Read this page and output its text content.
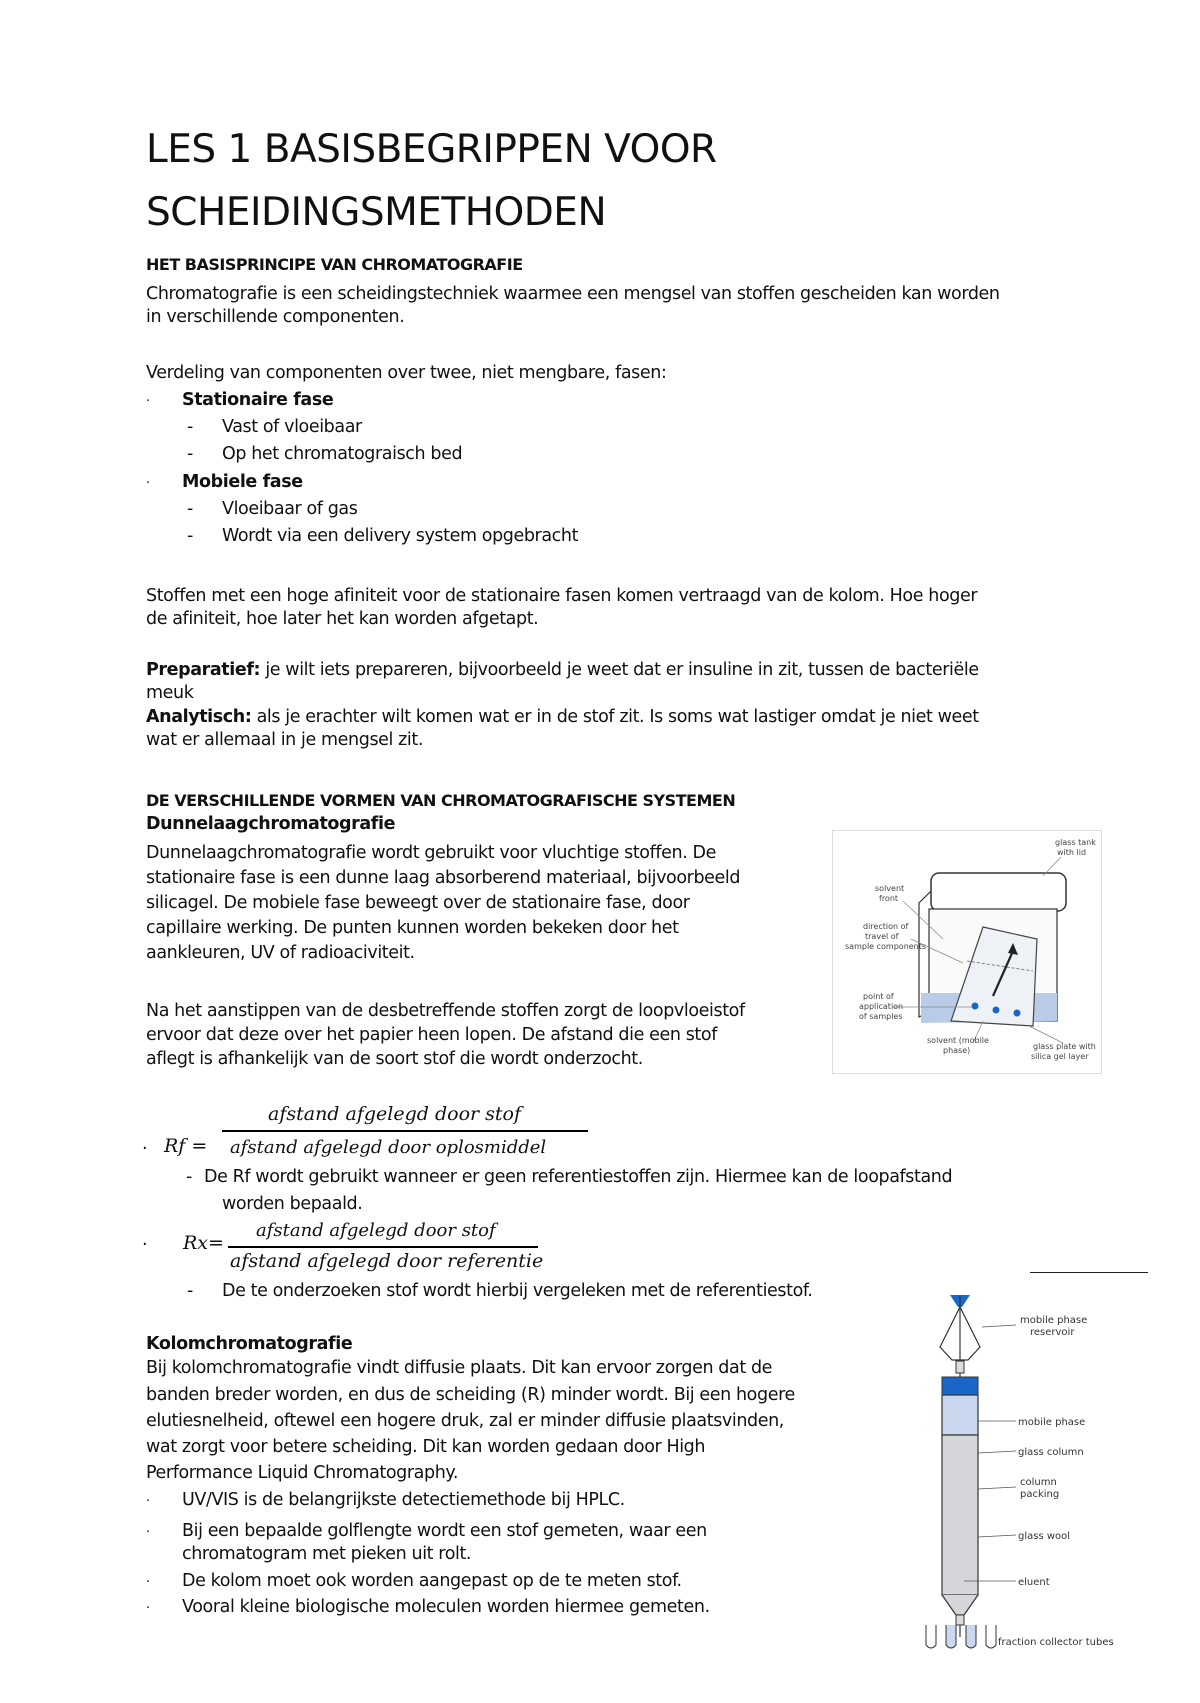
LES 1 BASISBEGRIPPEN VOOR
SCHEIDINGSMETHODEN
HET BASISPRINCIPE VAN CHROMATOGRAFIE
Chromatografie is een scheidingstechniek waarmee een mengsel van stoffen gescheiden kan worden
in verschillende componenten.
Verdeling van componenten over twee, niet mengbare, fasen:
· Stationaire fase
- Vast of vloeibaar
- Op het chromatograisch bed
· Mobiele fase
- Vloeibaar of gas
- Wordt via een delivery system opgebracht
Stoffen met een hoge afiniteit voor de stationaire fasen komen vertraagd van de kolom. Hoe hoger
de afiniteit, hoe later het kan worden afgetapt.
Preparatief: je wilt iets prepareren, bijvoorbeeld je weet dat er insuline in zit, tussen de bacteriële
meuk
Analytisch: als je erachter wilt komen wat er in de stof zit. Is soms wat lastiger omdat je niet weet
wat er allemaal in je mengsel zit.
DE VERSCHILLENDE VORMEN VAN CHROMATOGRAFISCHE SYSTEMEN
Dunnelaagchromatografie
Dunnelaagchromatografie wordt gebruikt voor vluchtige stoffen. De
stationaire fase is een dunne laag absorberend materiaal, bijvoorbeeld
silicagel. De mobiele fase beweegt over de stationaire fase, door
capillaire werking. De punten kunnen worden bekeken door het
aankleuren, UV of radioaciviteit.
Na het aanstippen van de desbetreffende stoffen zorgt de loopvloeistof
ervoor dat deze over het papier heen lopen. De afstand die een stof
aflegt is afhankelijk van de soort stof die wordt onderzocht.
glass tank with lid solvent front direction of travel of sample components point of application of samples solvent (mobile phase)	glass plate with silica gel layer
afstand afgelegd door stof
· Rf = afstand afgelegd door oplosmiddel
- De Rf wordt gebruikt wanneer er geen referentiestoffen zijn. Hiermee kan de loopafstand
worden bepaald.
afstand afgelegd door stof
· Rx=
afstand afgelegd door referentie
- De te onderzoeken stof wordt hierbij vergeleken met de referentiestof.
Kolomchromatografie
Bij kolomchromatografie vindt diffusie plaats. Dit kan ervoor zorgen dat de
banden breder worden, en dus de scheiding (R) minder wordt. Bij een hogere
elutiesnelheid, oftewel een hogere druk, zal er minder diffusie plaatsvinden,
wat zorgt voor betere scheiding. Dit kan worden gedaan door High
Performance Liquid Chromatography.
· UV/VIS is de belangrijkste detectiemethode bij HPLC.
· Bij een bepaalde golflengte wordt een stof gemeten, waar een
chromatogram met pieken uit rolt.
· De kolom moet ook worden aangepast op de te meten stof.
· Vooral kleine biologische moleculen worden hiermee gemeten.
mobile phase reservoir mobile phase glass column column packing glass wool eluent fraction collector tubes
